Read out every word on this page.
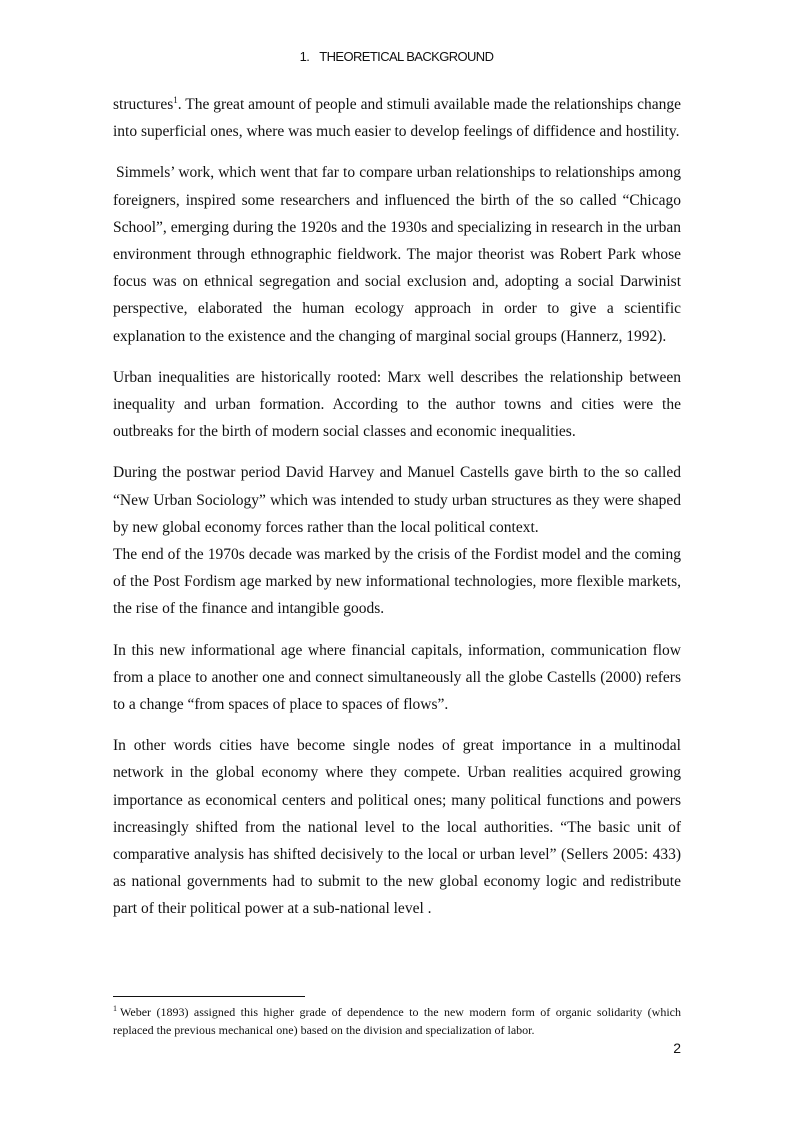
1. THEORETICAL BACKGROUND

structures$^1$. The great amount of people and stimuli available made the relationships change into superficial ones, where was much easier to develop feelings of diffidence and hostility.

Simmels’ work, which went that far to compare urban relationships to relationships among foreigners, inspired some researchers and influenced the birth of the so called “Chicago School”, emerging during the 1920s and the 1930s and specializing in research in the urban environment through ethnographic fieldwork. The major theorist was Robert Park whose focus was on ethnical segregation and social exclusion and, adopting a social Darwinist perspective, elaborated the human ecology approach in order to give a scientific explanation to the existence and the changing of marginal social groups (Hannerz, 1992).

Urban inequalities are historically rooted: Marx well describes the relationship between inequality and urban formation. According to the author towns and cities were the outbreaks for the birth of modern social classes and economic inequalities.

During the postwar period David Harvey and Manuel Castells gave birth to the so called “New Urban Sociology” which was intended to study urban structures as they were shaped by new global economy forces rather than the local political context.

The end of the 1970s decade was marked by the crisis of the Fordist model and the coming of the Post Fordism age marked by new informational technologies, more flexible markets, the rise of the finance and intangible goods.

In this new informational age where financial capitals, information, communication flow from a place to another one and connect simultaneously all the globe Castells (2000) refers to a change “from spaces of place to spaces of flows”.

In other words cities have become single nodes of great importance in a multinodal network in the global economy where they compete. Urban realities acquired growing importance as economical centers and political ones; many political functions and powers increasingly shifted from the national level to the local authorities. “The basic unit of comparative analysis has shifted decisively to the local or urban level” (Sellers 2005: 433) as national governments had to submit to the new global economy logic and redistribute part of their political power at a sub-national level .

$^1$ Weber (1893) assigned this higher grade of dependence to the new modern form of organic solidarity (which replaced the previous mechanical one) based on the division and specialization of labor.

2
